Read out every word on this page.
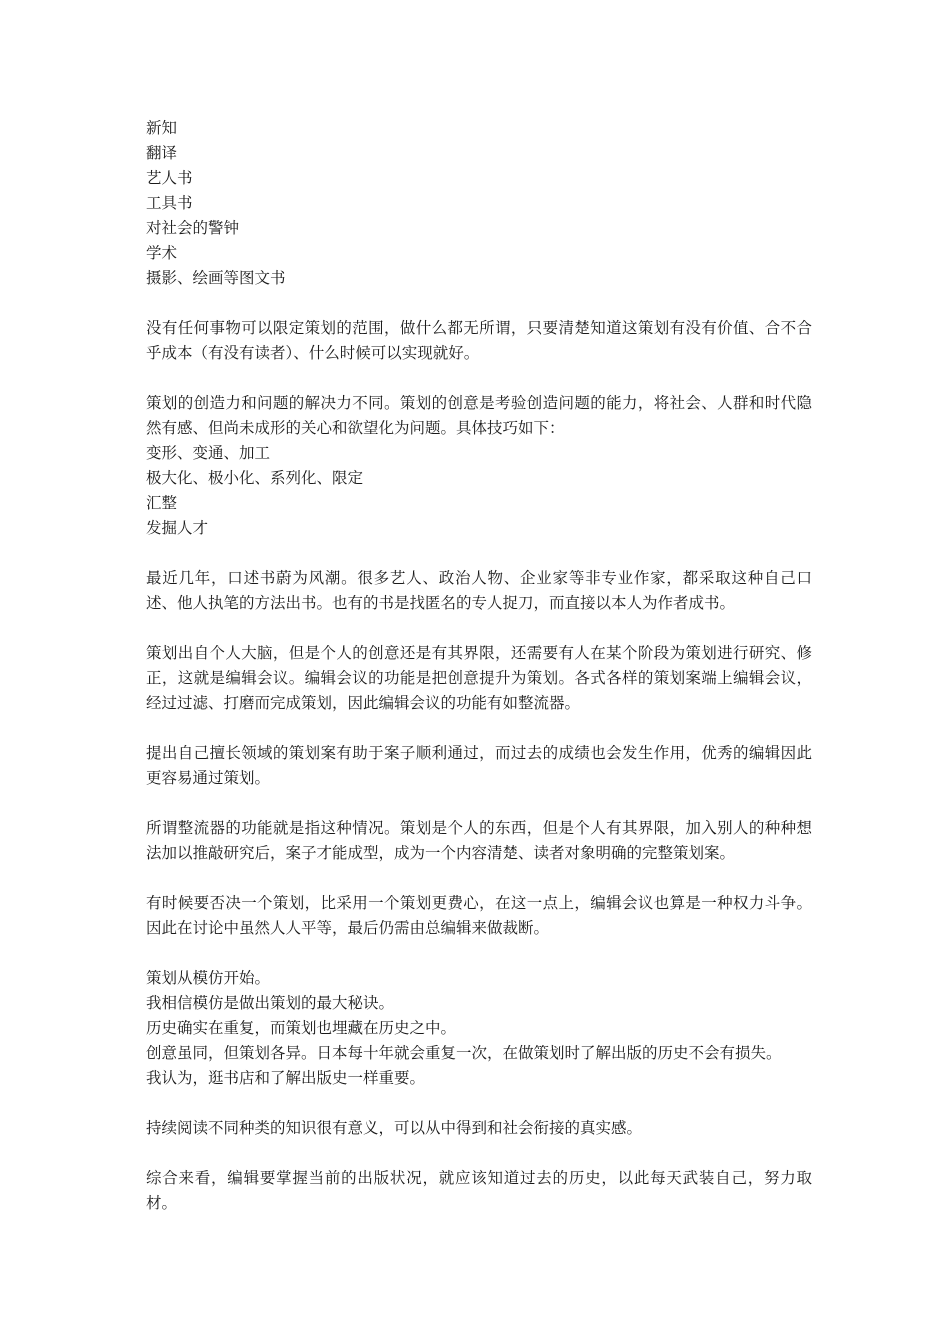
新知
翻译
艺人书
工具书
对社会的警钟
学术
摄影、绘画等图文书
没有任何事物可以限定策划的范围，做什么都无所谓，只要清楚知道这策划有没有价值、合不合乎成本（有没有读者）、什么时候可以实现就好。
策划的创造力和问题的解决力不同。策划的创意是考验创造问题的能力，将社会、人群和时代隐然有感、但尚未成形的关心和欲望化为问题。具体技巧如下：
变形、变通、加工
极大化、极小化、系列化、限定
汇整
发掘人才
最近几年，口述书蔚为风潮。很多艺人、政治人物、企业家等非专业作家，都采取这种自己口述、他人执笔的方法出书。也有的书是找匿名的专人捉刀，而直接以本人为作者成书。
策划出自个人大脑，但是个人的创意还是有其界限，还需要有人在某个阶段为策划进行研究、修正，这就是编辑会议。编辑会议的功能是把创意提升为策划。各式各样的策划案端上编辑会议，经过过滤、打磨而完成策划，因此编辑会议的功能有如整流器。
提出自己擅长领域的策划案有助于案子顺利通过，而过去的成绩也会发生作用，优秀的编辑因此更容易通过策划。
所谓整流器的功能就是指这种情况。策划是个人的东西，但是个人有其界限，加入别人的种种想法加以推敲研究后，案子才能成型，成为一个内容清楚、读者对象明确的完整策划案。
有时候要否决一个策划，比采用一个策划更费心，在这一点上，编辑会议也算是一种权力斗争。因此在讨论中虽然人人平等，最后仍需由总编辑来做裁断。
策划从模仿开始。
我相信模仿是做出策划的最大秘诀。
历史确实在重复，而策划也埋藏在历史之中。
创意虽同，但策划各异。日本每十年就会重复一次，在做策划时了解出版的历史不会有损失。
我认为，逛书店和了解出版史一样重要。
持续阅读不同种类的知识很有意义，可以从中得到和社会衔接的真实感。
综合来看，编辑要掌握当前的出版状况，就应该知道过去的历史，以此每天武装自己，努力取材。
